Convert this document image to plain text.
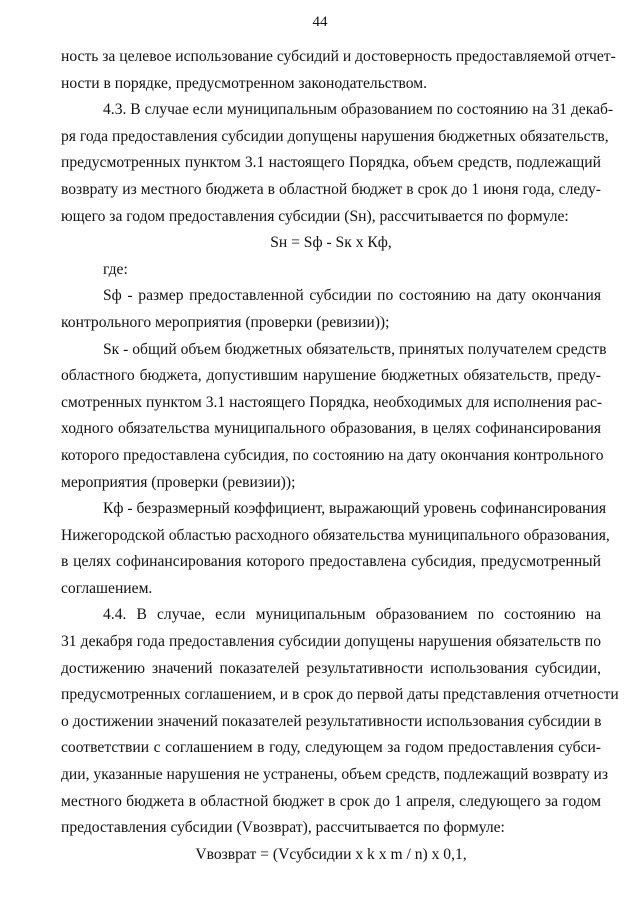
44
ность за целевое использование субсидий и достоверность предоставляемой отчет-
ности в порядке, предусмотренном законодательством.
4.3. В случае если муниципальным образованием по состоянию на 31 декаб-
ря года предоставления субсидии допущены нарушения бюджетных обязательств,
предусмотренных пунктом 3.1 настоящего Порядка, объем средств, подлежащий
возврату из местного бюджета в областной бюджет в срок до 1 июня года, следу-
ющего за годом предоставления субсидии (Sн), рассчитывается по формуле:
Sн = Sф - Sк х Кф,
где:
Sф - размер предоставленной субсидии по состоянию на дату окончания
контрольного мероприятия (проверки (ревизии));
Sк - общий объем бюджетных обязательств, принятых получателем средств
областного бюджета, допустившим нарушение бюджетных обязательств, преду-
смотренных пунктом 3.1 настоящего Порядка, необходимых для исполнения рас-
ходного обязательства муниципального образования, в целях софинансирования
которого предоставлена субсидия, по состоянию на дату окончания контрольного
мероприятия (проверки (ревизии));
Кф - безразмерный коэффициент, выражающий уровень софинансирования
Нижегородской областью расходного обязательства муниципального образования,
в целях софинансирования которого предоставлена субсидия, предусмотренный
соглашением.
4.4. В случае, если муниципальным образованием по состоянию на
31 декабря года предоставления субсидии допущены нарушения обязательств по
достижению значений показателей результативности использования субсидии,
предусмотренных соглашением, и в срок до первой даты представления отчетности
о достижении значений показателей результативности использования субсидии в
соответствии с соглашением в году, следующем за годом предоставления субси-
дии, указанные нарушения не устранены, объем средств, подлежащий возврату из
местного бюджета в областной бюджет в срок до 1 апреля, следующего за годом
предоставления субсидии (Vвозврат), рассчитывается по формуле:
Vвозврат = (Vсубсидии х k х m / n) х 0,1,
